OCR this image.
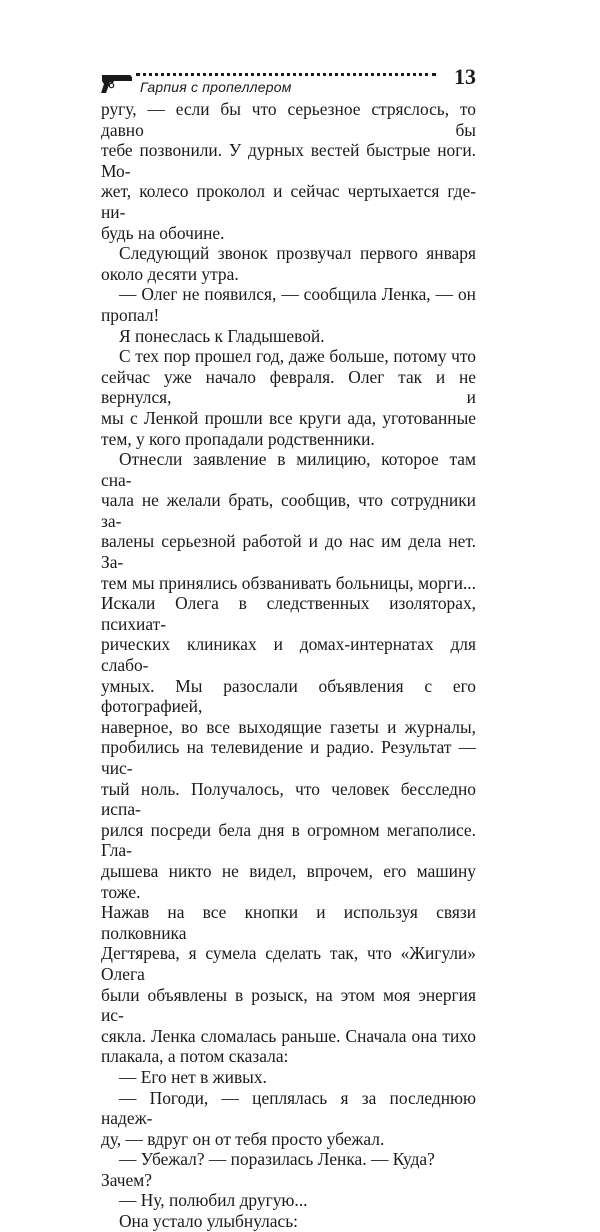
Гарпия с пропеллером	13

ругу, — если бы что серьезное стряслось, то давно бы
тебе позвонили. У дурных вестей быстрые ноги. Мо-
жет, колесо проколол и сейчас чертыхается где-ни-
будь на обочине.

Следующий звонок прозвучал первого января
около десяти утра.

— Олег не появился, — сообщила Ленка, — он
пропал!

Я понеслась к Гладышевой.

С тех пор прошел год, даже больше, потому что
сейчас уже начало февраля. Олег так и не вернулся, и
мы с Ленкой прошли все круги ада, уготованные
тем, у кого пропадали родственники.

Отнесли заявление в милицию, которое там сна-
чала не желали брать, сообщив, что сотрудники за-
валены серьезной работой и до нас им дела нет. За-
тем мы принялись обзванивать больницы, морги...
Искали Олега в следственных изоляторах, психиат-
рических клиниках и домах-интернатах для слабо-
умных. Мы разослали объявления с его фотографией,
наверное, во все выходящие газеты и журналы,
пробились на телевидение и радио. Результат — чис-
тый ноль. Получалось, что человек бесследно испа-
рился посреди бела дня в огромном мегаполисе. Гла-
дышева никто не видел, впрочем, его машину тоже.
Нажав на все кнопки и используя связи полковника
Дегтярева, я сумела сделать так, что «Жигули» Олега
были объявлены в розыск, на этом моя энергия ис-
сякла. Ленка сломалась раньше. Сначала она тихо
плакала, а потом сказала:

— Его нет в живых.

— Погоди, — цеплялась я за последнюю надеж-
ду, — вдруг он от тебя просто убежал.

— Убежал? — поразилась Ленка. — Куда? Зачем?

— Ну, полюбил другую...

Она устало улыбнулась:
